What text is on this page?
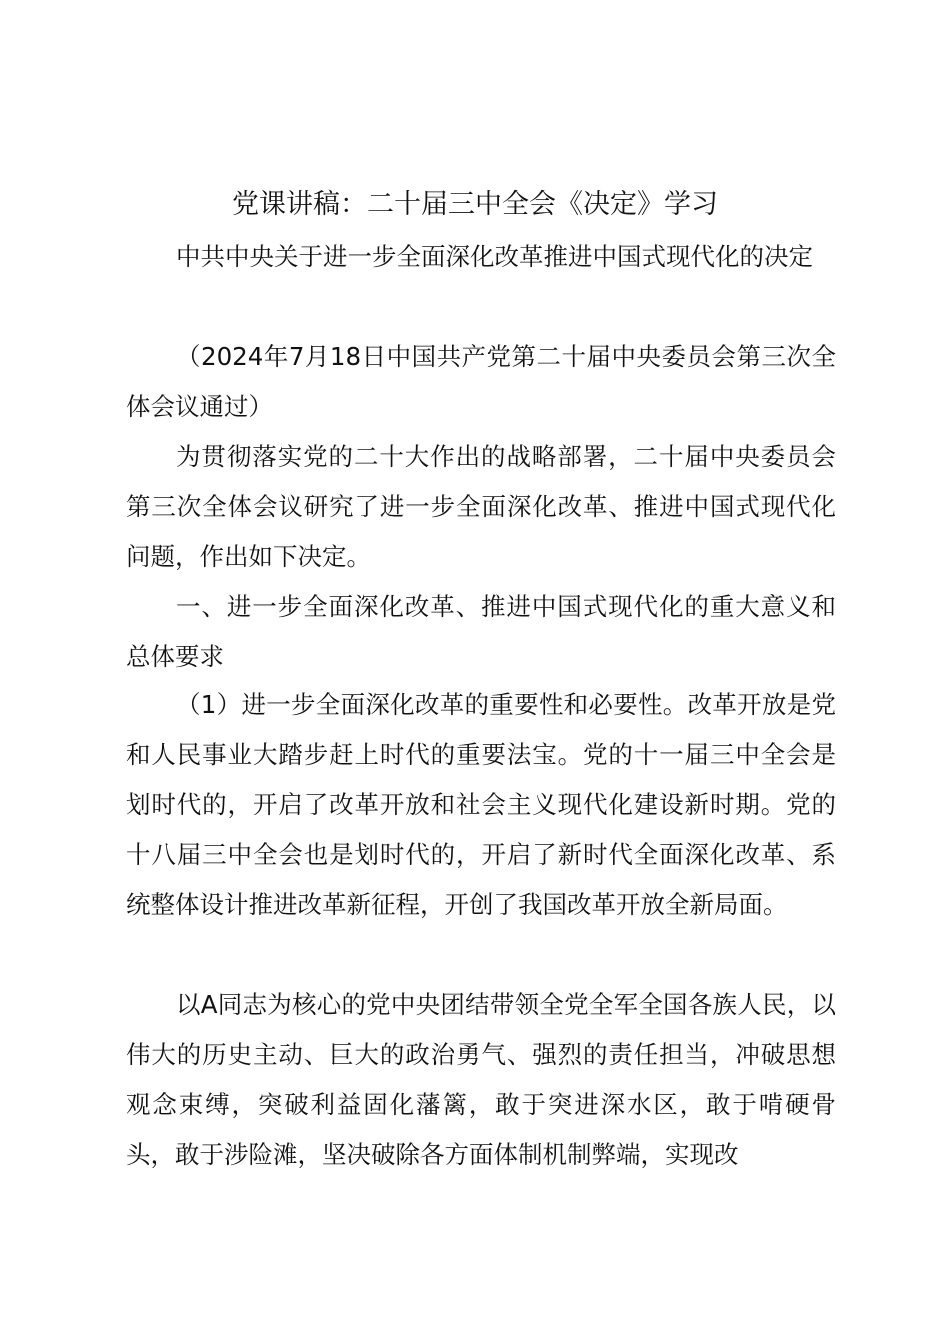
党课讲稿：二十届三中全会《决定》学习
中共中央关于进一步全面深化改革推进中国式现代化的决定
（2024年7月18日中国共产党第二十届中央委员会第三次全体会议通过）
为贯彻落实党的二十大作出的战略部署，二十届中央委员会第三次全体会议研究了进一步全面深化改革、推进中国式现代化问题，作出如下决定。
一、进一步全面深化改革、推进中国式现代化的重大意义和总体要求
（1）进一步全面深化改革的重要性和必要性。改革开放是党和人民事业大踏步赶上时代的重要法宝。党的十一届三中全会是划时代的，开启了改革开放和社会主义现代化建设新时期。党的十八届三中全会也是划时代的，开启了新时代全面深化改革、系统整体设计推进改革新征程，开创了我国改革开放全新局面。
以A同志为核心的党中央团结带领全党全军全国各族人民，以伟大的历史主动、巨大的政治勇气、强烈的责任担当，冲破思想观念束缚，突破利益固化藩篱，敢于突进深水区，敢于啃硬骨头，敢于涉险滩，坚决破除各方面体制机制弊端，实现改
